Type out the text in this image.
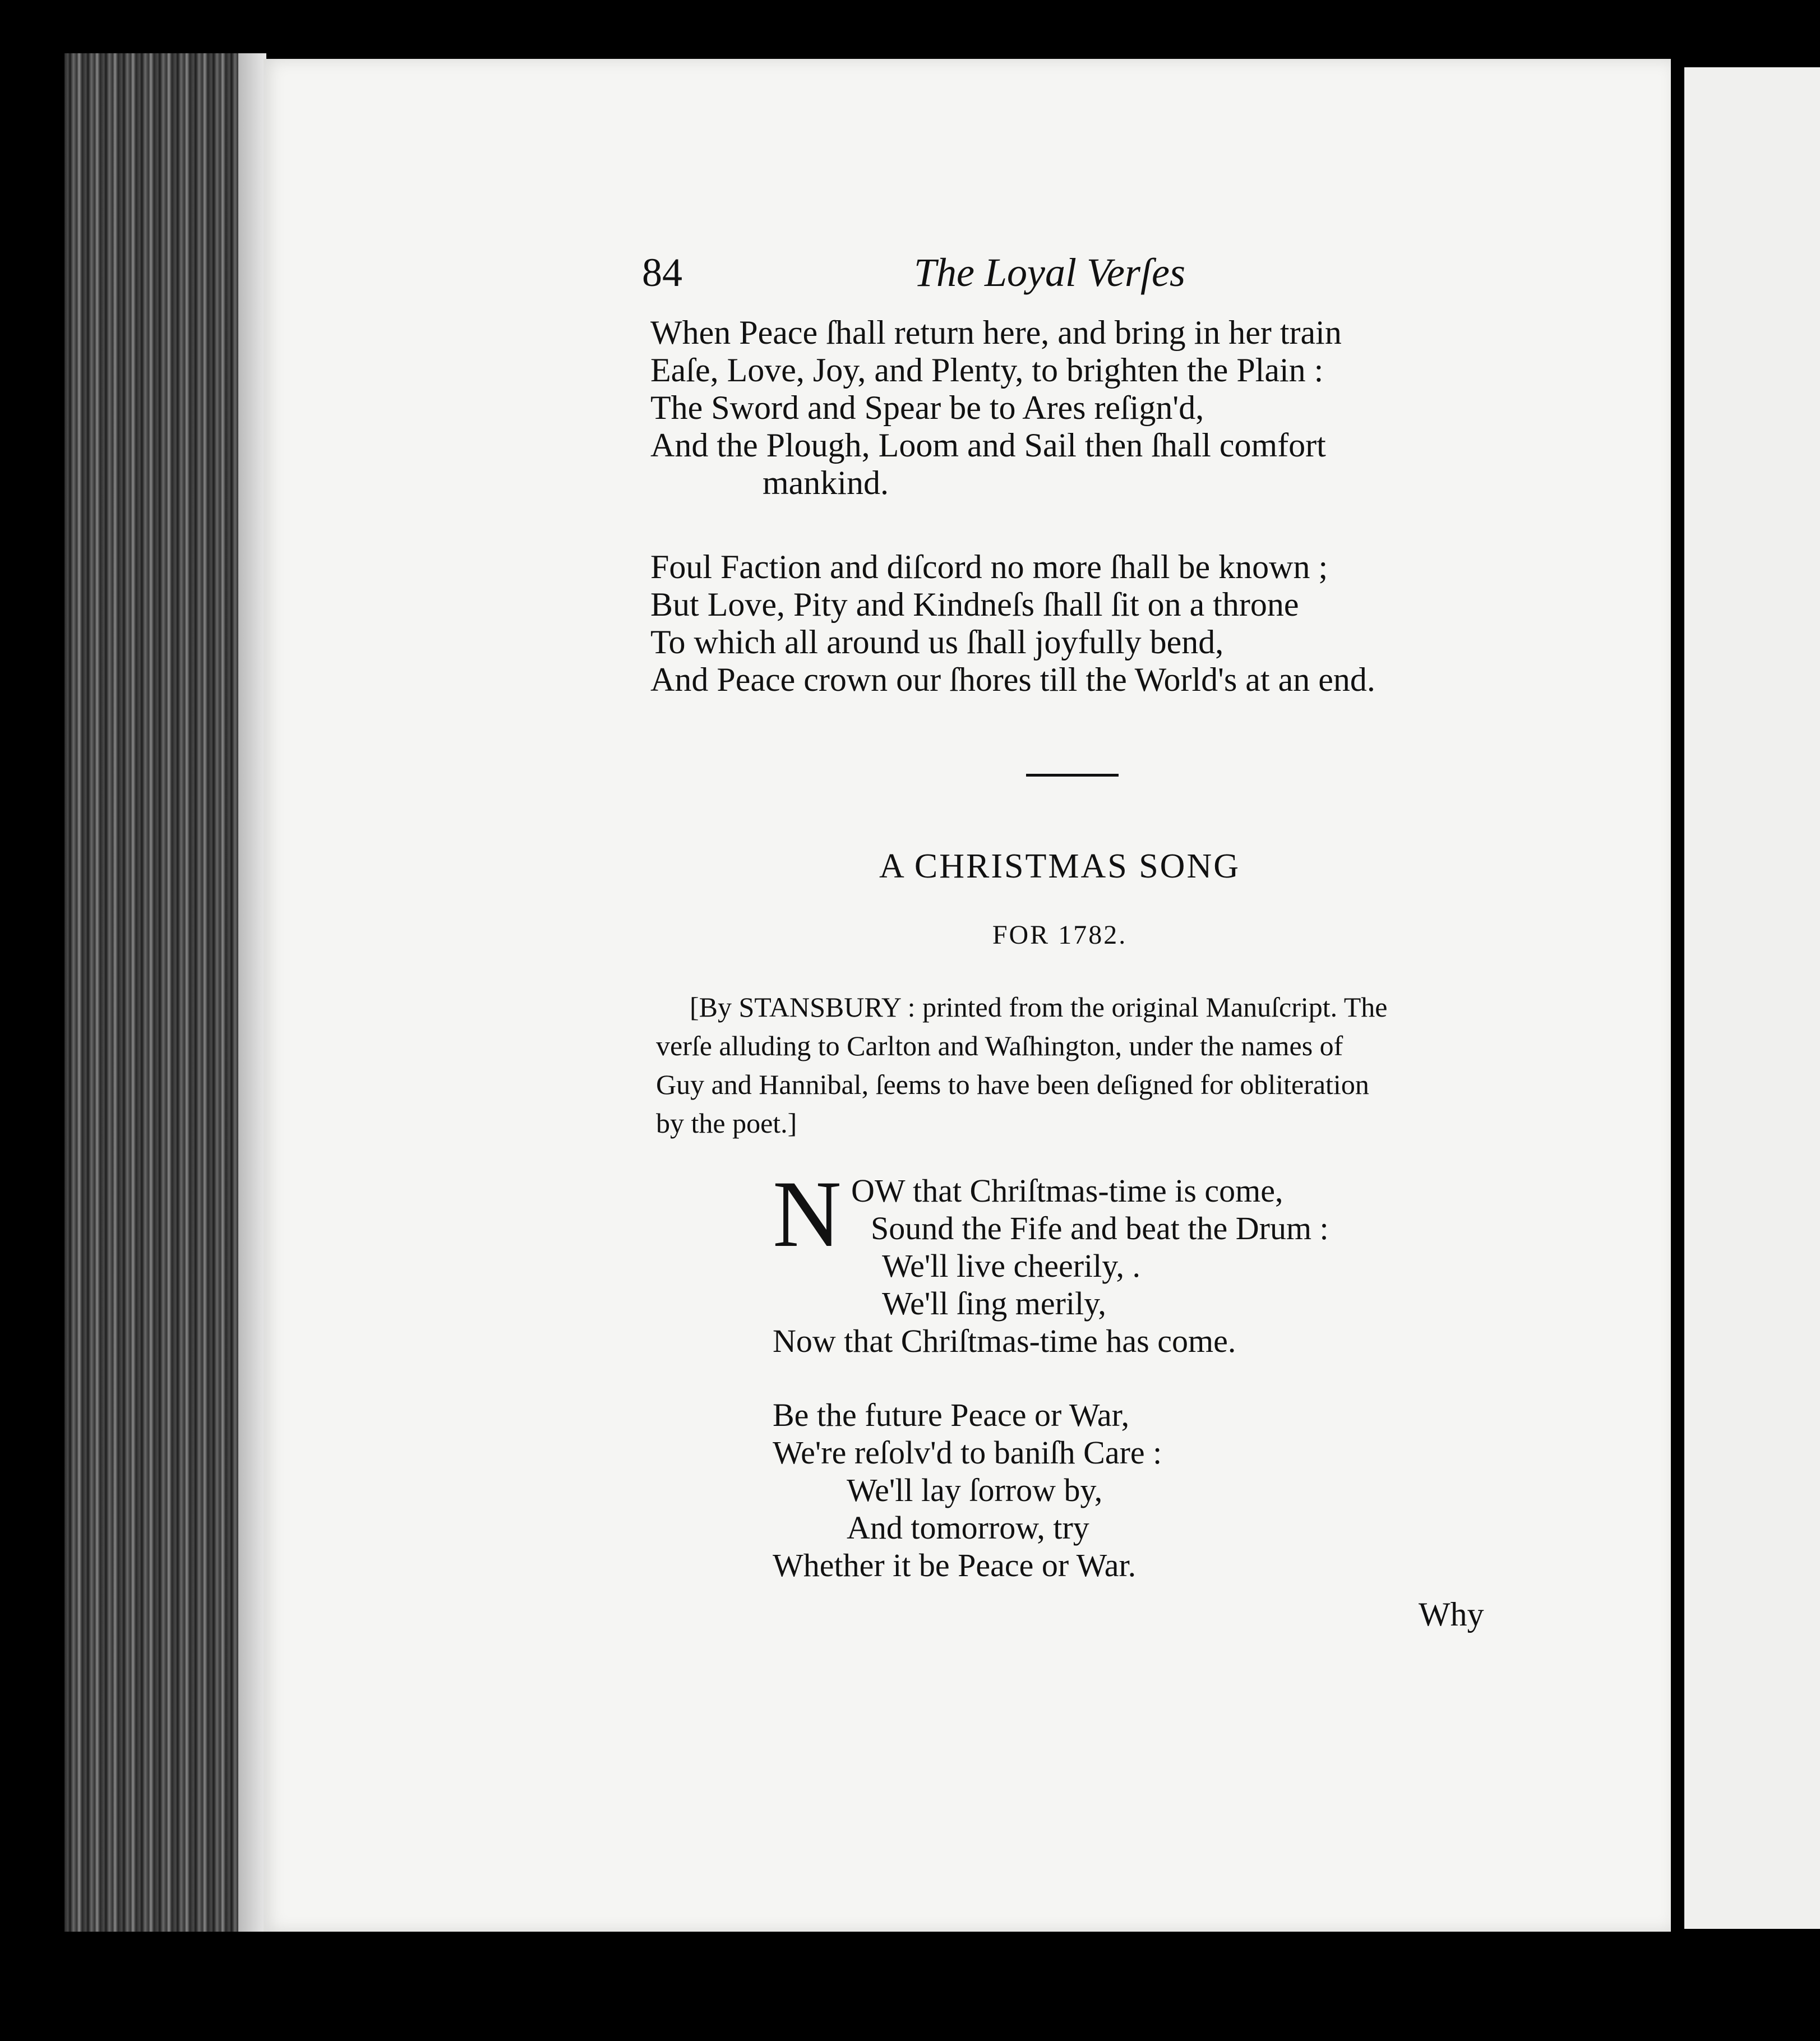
84	The Loyal Verſes
When Peace ſhall return here, and bring in her train
Eaſe, Love, Joy, and Plenty, to brighten the Plain :
The Sword and Spear be to Ares reſign'd,
And the Plough, Loom and Sail then ſhall comfort
mankind.
Foul Faction and diſcord no more ſhall be known ;
But Love, Pity and Kindneſs ſhall ſit on a throne
To which all around us ſhall joyfully bend,
And Peace crown our ſhores till the World's at an end.
A CHRISTMAS SONG
FOR 1782.
[By STANSBURY : printed from the original Manuſcript. The
verſe alluding to Carlton and Waſhington, under the names of
Guy and Hannibal, ſeems to have been deſigned for obliteration
by the poet.]
N OW that Chriſtmas-time is come,
Sound the Fife and beat the Drum :
We'll live cheerily, .
We'll ſing merily,
Now that Chriſtmas-time has come.
Be the future Peace or War,
We're reſolv'd to baniſh Care :
We'll lay ſorrow by,
And tomorrow, try
Whether it be Peace or War.
Why
